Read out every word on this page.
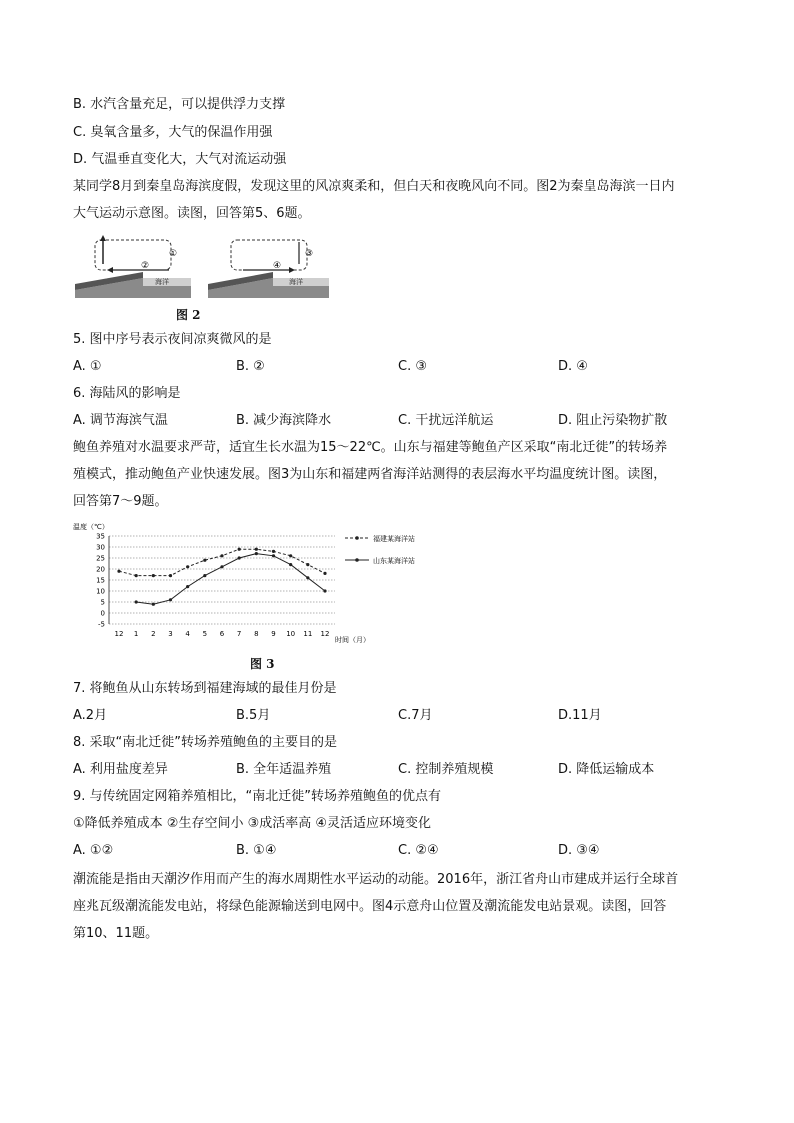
B. 水汽含量充足，可以提供浮力支撑
C. 臭氧含量多，大气的保温作用强
D. 气温垂直变化大，大气对流运动强
某同学8月到秦皇岛海滨度假，发现这里的风凉爽柔和，但白天和夜晚风向不同。图2为秦皇岛海滨一日内
大气运动示意图。读图，回答第5、6题。
①
②
陆地
海洋
③
④
陆地
海洋
图 2
5. 图中序号表示夜间凉爽微风的是
A. ①	B. ②	C. ③	D. ④
6. 海陆风的影响是
A. 调节海滨气温	B. 减少海滨降水	C. 干扰远洋航运	D. 阻止污染物扩散
鲍鱼养殖对水温要求严苛，适宜生长水温为15～22℃。山东与福建等鲍鱼产区采取“南北迁徙”的转场养
殖模式，推动鲍鱼产业快速发展。图3为山东和福建两省海洋站测得的表层海水平均温度统计图。读图，
回答第7～9题。
温度（℃）
时间（月）
35
30
25
20
15
10
5
0
-5
12 1 2 3 4 5 6 7 8 9 10 11 12
福建某海洋站
山东某海洋站
图 3
7. 将鲍鱼从山东转场到福建海域的最佳月份是
A.2月	B.5月	C.7月	D.11月
8. 采取“南北迁徙”转场养殖鲍鱼的主要目的是
A. 利用盐度差异	B. 全年适温养殖	C. 控制养殖规模	D. 降低运输成本
9. 与传统固定网箱养殖相比，“南北迁徙”转场养殖鲍鱼的优点有
①降低养殖成本 ②生存空间小 ③成活率高 ④灵活适应环境变化
A. ①②	B. ①④	C. ②④	D. ③④
潮流能是指由天潮汐作用而产生的海水周期性水平运动的动能。2016年，浙江省舟山市建成并运行全球首
座兆瓦级潮流能发电站，将绿色能源输送到电网中。图4示意舟山位置及潮流能发电站景观。读图，回答
第10、11题。
